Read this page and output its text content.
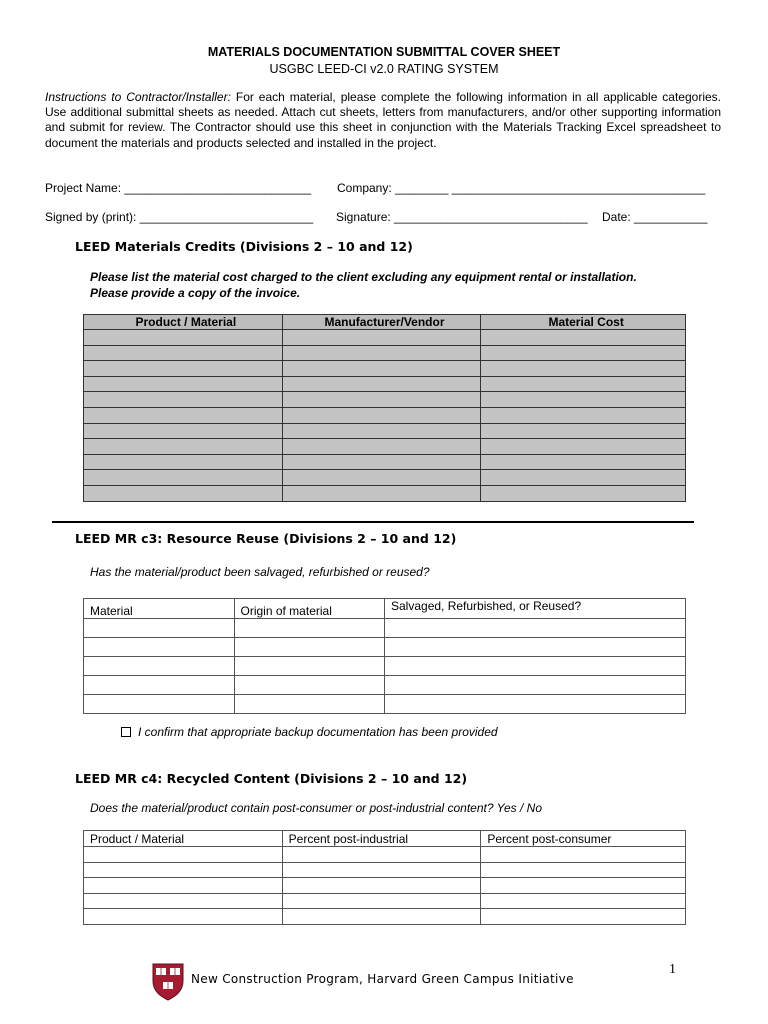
MATERIALS DOCUMENTATION SUBMITTAL COVER SHEET
USGBC LEED-CI v2.0 RATING SYSTEM
Instructions to Contractor/Installer: For each material, please complete the following information in all applicable categories. Use additional submittal sheets as needed. Attach cut sheets, letters from manufacturers, and/or other supporting information and submit for review. The Contractor should use this sheet in conjunction with the Materials Tracking Excel spreadsheet to document the materials and products selected and installed in the project.
Project Name: ____________________________ Company: ________ ______________________________________
Signed by (print): __________________________ Signature: _____________________________ Date: ___________
LEED Materials Credits (Divisions 2 – 10 and 12)
Please list the material cost charged to the client excluding any equipment rental or installation.
Please provide a copy of the invoice.
Product / Material	Manufacturer/Vendor	Material Cost

LEED MR c3: Resource Reuse (Divisions 2 – 10 and 12)
Has the material/product been salvaged, refurbished or reused?
Material	Origin of material	Salvaged, Refurbished, or Reused?

I confirm that appropriate backup documentation has been provided
LEED MR c4: Recycled Content (Divisions 2 – 10 and 12)
Does the material/product contain post-consumer or post-industrial content? Yes / No
Product / Material	Percent post-industrial	Percent post-consumer

1
New Construction Program, Harvard Green Campus Initiative
